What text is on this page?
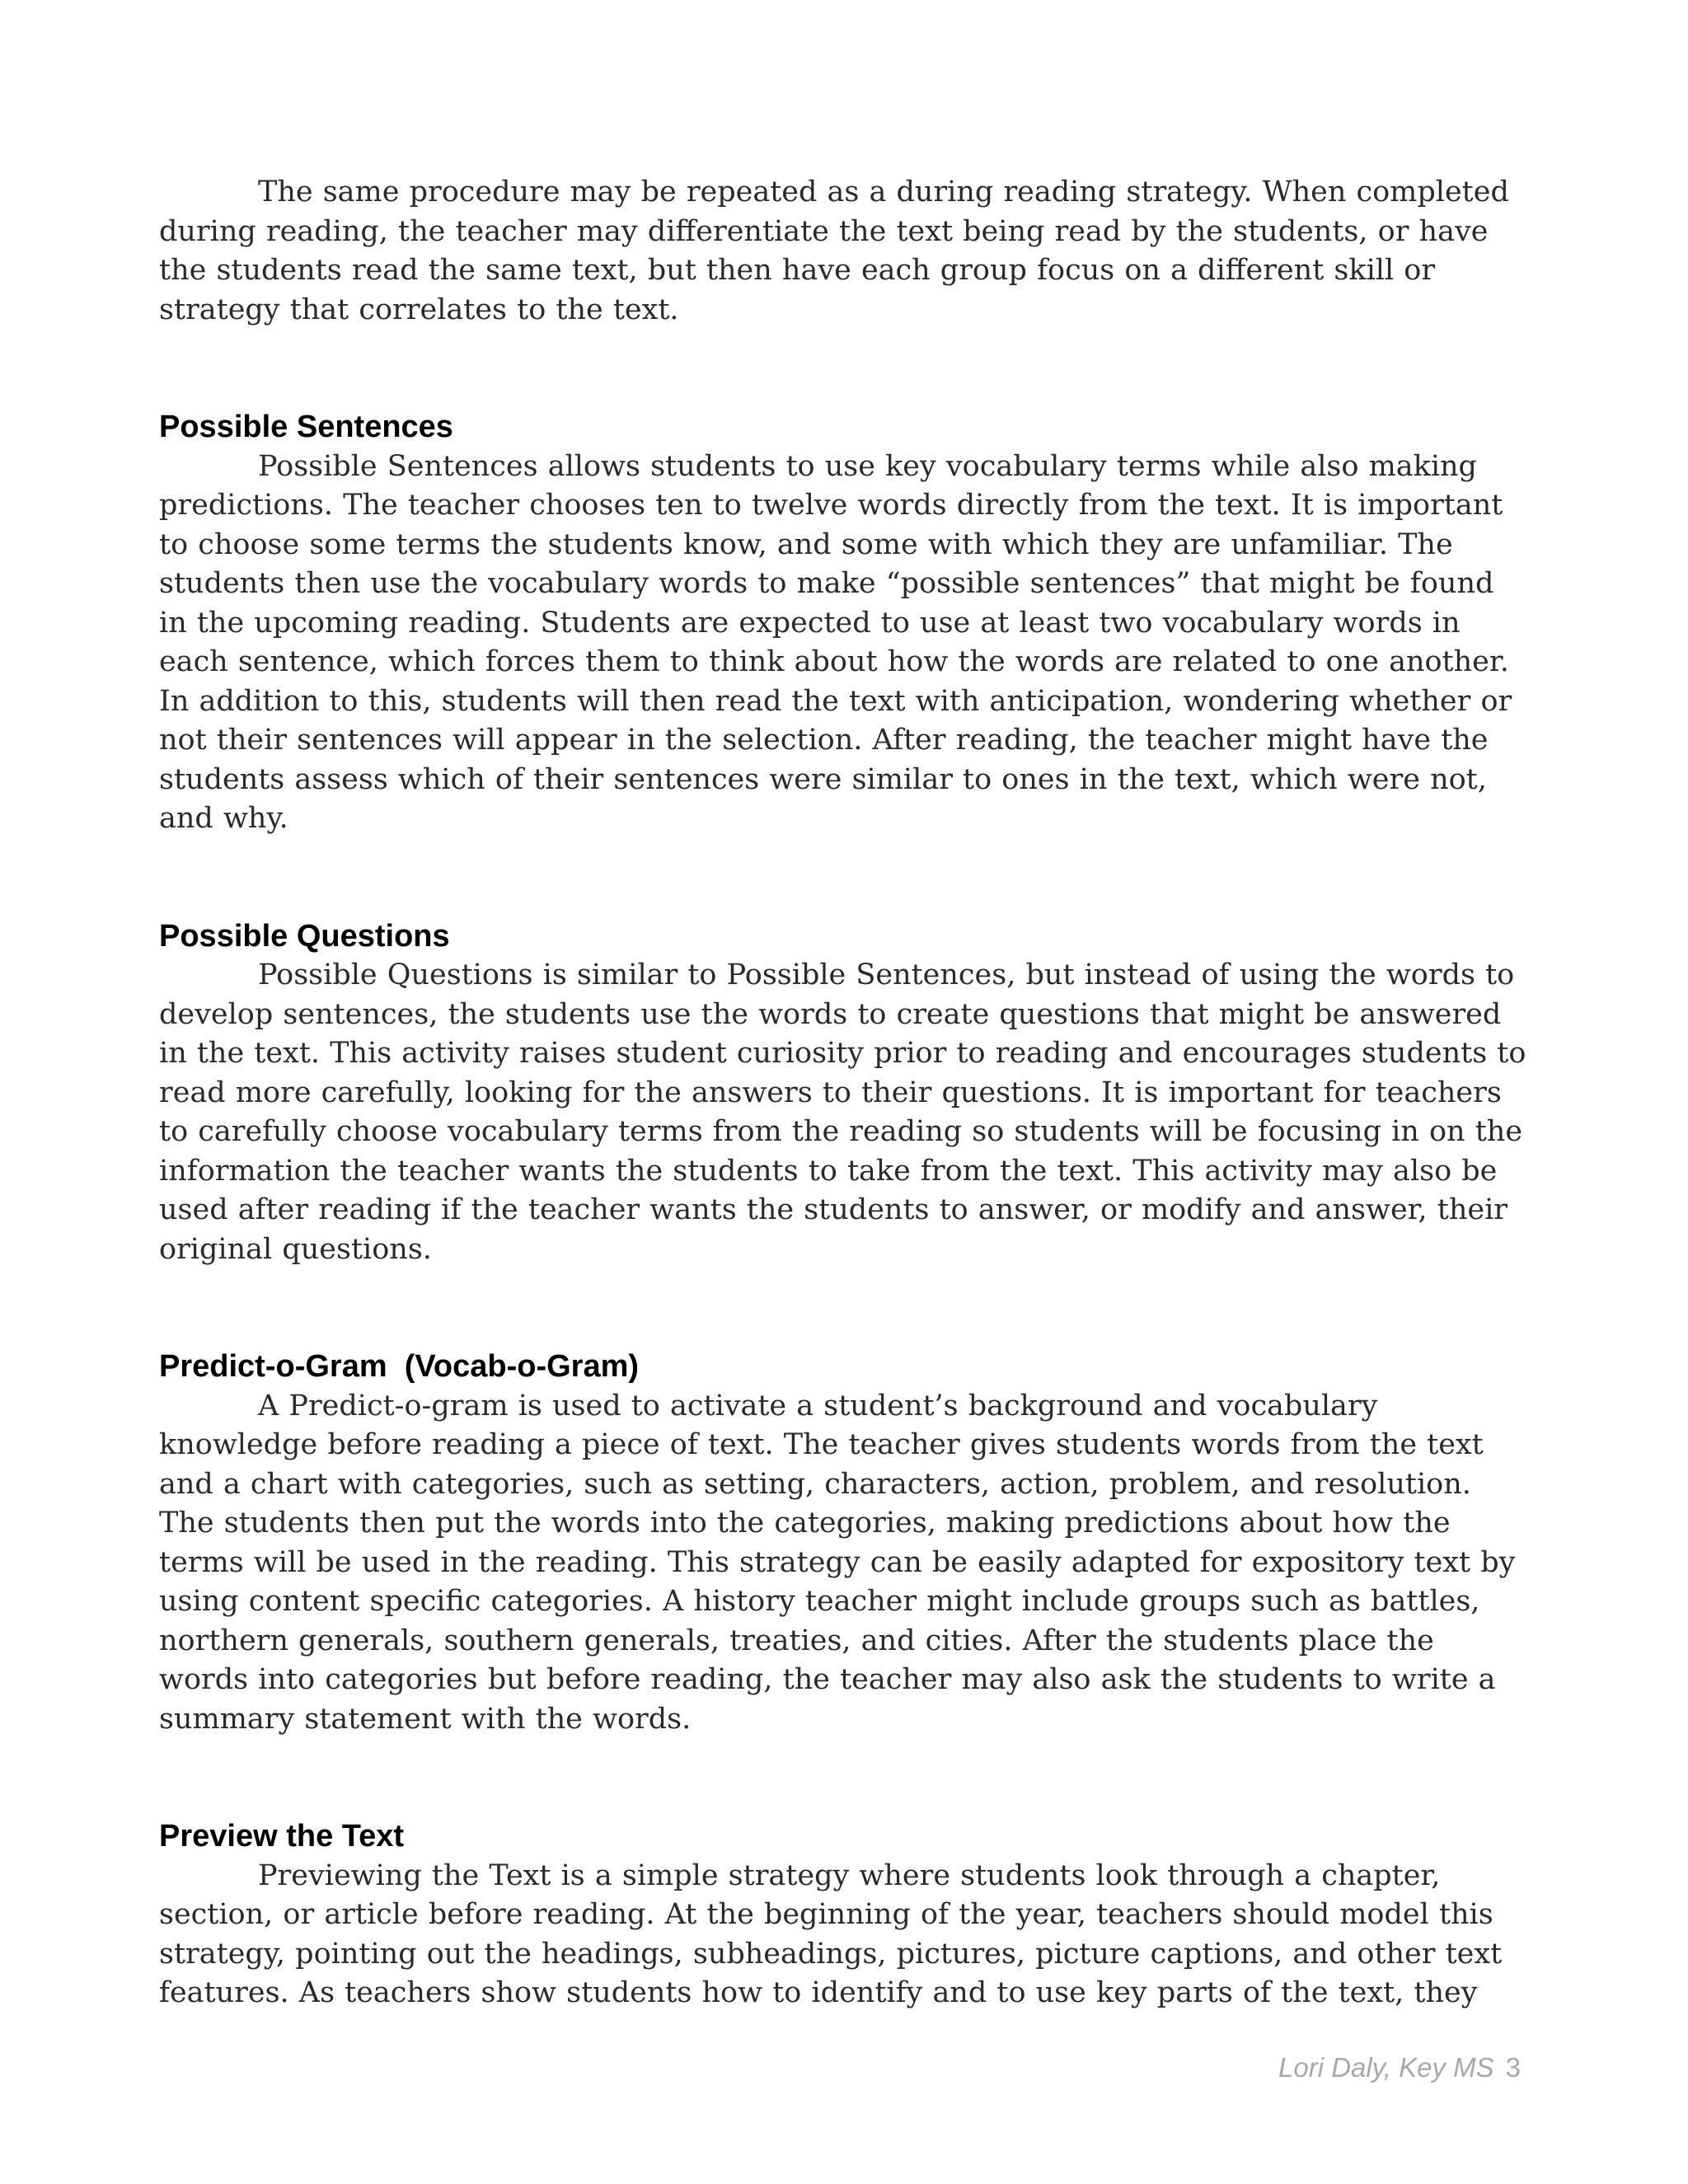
The same procedure may be repeated as a during reading strategy. When completed during reading, the teacher may differentiate the text being read by the students, or have the students read the same text, but then have each group focus on a different skill or strategy that correlates to the text.

Possible Sentences

Possible Sentences allows students to use key vocabulary terms while also making predictions. The teacher chooses ten to twelve words directly from the text. It is important to choose some terms the students know, and some with which they are unfamiliar. The students then use the vocabulary words to make “possible sentences” that might be found in the upcoming reading. Students are expected to use at least two vocabulary words in each sentence, which forces them to think about how the words are related to one another. In addition to this, students will then read the text with anticipation, wondering whether or not their sentences will appear in the selection. After reading, the teacher might have the students assess which of their sentences were similar to ones in the text, which were not, and why.

Possible Questions

Possible Questions is similar to Possible Sentences, but instead of using the words to develop sentences, the students use the words to create questions that might be answered in the text. This activity raises student curiosity prior to reading and encourages students to read more carefully, looking for the answers to their questions. It is important for teachers to carefully choose vocabulary terms from the reading so students will be focusing in on the information the teacher wants the students to take from the text. This activity may also be used after reading if the teacher wants the students to answer, or modify and answer, their original questions.

Predict-o-Gram  (Vocab-o-Gram)

A Predict-o-gram is used to activate a student’s background and vocabulary knowledge before reading a piece of text. The teacher gives students words from the text and a chart with categories, such as setting, characters, action, problem, and resolution. The students then put the words into the categories, making predictions about how the terms will be used in the reading. This strategy can be easily adapted for expository text by using content specific categories. A history teacher might include groups such as battles, northern generals, southern generals, treaties, and cities. After the students place the words into categories but before reading, the teacher may also ask the students to write a summary statement with the words.

Preview the Text

Previewing the Text is a simple strategy where students look through a chapter, section, or article before reading. At the beginning of the year, teachers should model this strategy, pointing out the headings, subheadings, pictures, picture captions, and other text features. As teachers show students how to identify and to use key parts of the text, they

Lori Daly, Key MS 3
